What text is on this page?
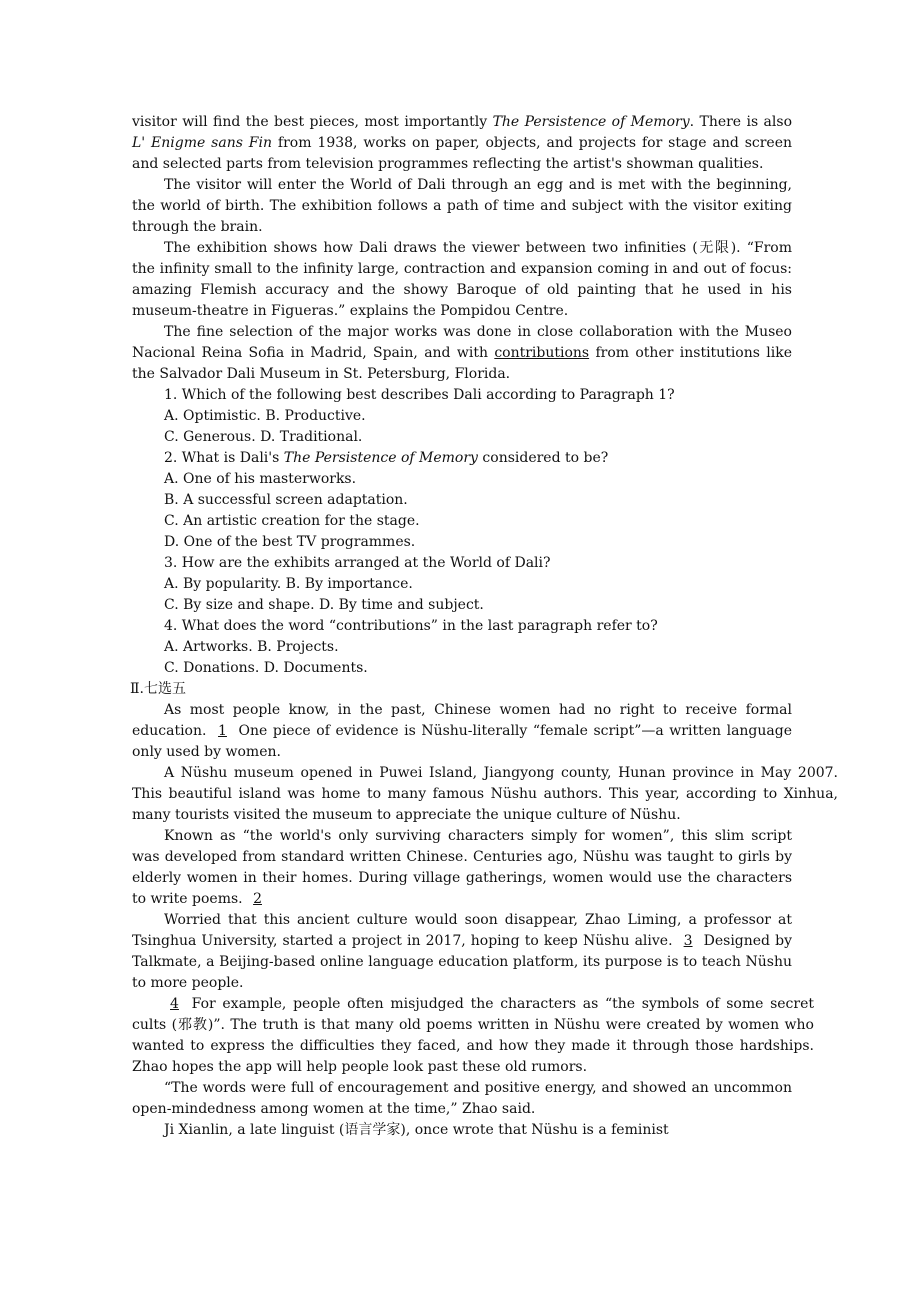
visitor will find the best pieces, most importantly The Persistence of Memory. There is also L' Enigme sans Fin from 1938, works on paper, objects, and projects for stage and screen and selected parts from television programmes reflecting the artist's showman qualities.

The visitor will enter the World of Dali through an egg and is met with the beginning, the world of birth. The exhibition follows a path of time and subject with the visitor exiting through the brain.

The exhibition shows how Dali draws the viewer between two infinities (无限). “From the infinity small to the infinity large, contraction and expansion coming in and out of focus: amazing Flemish accuracy and the showy Baroque of old painting that he used in his museum-theatre in Figueras.” explains the Pompidou Centre.

The fine selection of the major works was done in close collaboration with the Museo Nacional Reina Sofia in Madrid, Spain, and with contributions from other institutions like the Salvador Dali Museum in St. Petersburg, Florida.

1. Which of the following best describes Dali according to Paragraph 1?

A. Optimistic. B. Productive.

C. Generous. D. Traditional.

2. What is Dali's The Persistence of Memory considered to be?

A. One of his masterworks.

B. A successful screen adaptation.

C. An artistic creation for the stage.

D. One of the best TV programmes.

3. How are the exhibits arranged at the World of Dali?

A. By popularity. B. By importance.

C. By size and shape. D. By time and subject.

4. What does the word “contributions” in the last paragraph refer to?

A. Artworks. B. Projects.

C. Donations. D. Documents.

Ⅱ.七选五

As most people know, in the past, Chinese women had no right to receive formal education. 1 One piece of evidence is Nüshu-literally “female script”—a written language only used by women.

A Nüshu museum opened in Puwei Island, Jiangyong county, Hunan province in May 2007. This beautiful island was home to many famous Nüshu authors. This year, according to Xinhua, many tourists visited the museum to appreciate the unique culture of Nüshu.

Known as “the world's only surviving characters simply for women”, this slim script was developed from standard written Chinese. Centuries ago, Nüshu was taught to girls by elderly women in their homes. During village gatherings, women would use the characters to write poems. 2

Worried that this ancient culture would soon disappear, Zhao Liming, a professor at Tsinghua University, started a project in 2017, hoping to keep Nüshu alive. 3 Designed by Talkmate, a Beijing-based online language education platform, its purpose is to teach Nüshu to more people.

4 For example, people often misjudged the characters as “the symbols of some secret cults (邪教)”. The truth is that many old poems written in Nüshu were created by women who wanted to express the difficulties they faced, and how they made it through those hardships. Zhao hopes the app will help people look past these old rumors.

“The words were full of encouragement and positive energy, and showed an uncommon open-mindedness among women at the time,” Zhao said.

Ji Xianlin, a late linguist (语言学家), once wrote that Nüshu is a feminist
